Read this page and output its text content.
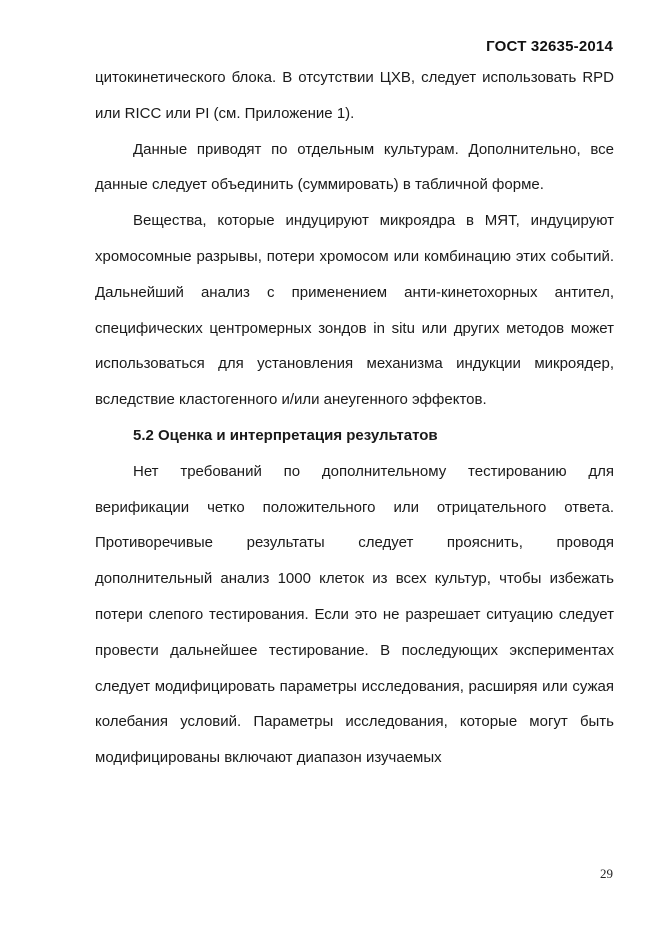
ГОСТ 32635-2014

цитокинетического блока. В отсутствии ЦХВ, следует использовать RPD или RICC или PI (см. Приложение 1).

Данные приводят по отдельным культурам. Дополнительно, все данные следует объединить (суммировать) в табличной форме.

Вещества, которые индуцируют микроядра в МЯТ, индуцируют хромосомные разрывы, потери хромосом или комбинацию этих событий. Дальнейший анализ с применением анти-кинетохорных антител, специфических центромерных зондов in situ или других методов может использоваться для установления механизма индукции микроядер, вследствие кластогенного и/или анеугенного эффектов.

5.2 Оценка и интерпретация результатов

Нет требований по дополнительному тестированию для верификации четко положительного или отрицательного ответа. Противоречивые результаты следует прояснить, проводя дополнительный анализ 1000 клеток из всех культур, чтобы избежать потери слепого тестирования. Если это не разрешает ситуацию следует провести дальнейшее тестирование. В последующих экспериментах следует модифицировать параметры исследования, расширяя или сужая колебания условий. Параметры исследования, которые могут быть модифицированы включают диапазон изучаемых

29
